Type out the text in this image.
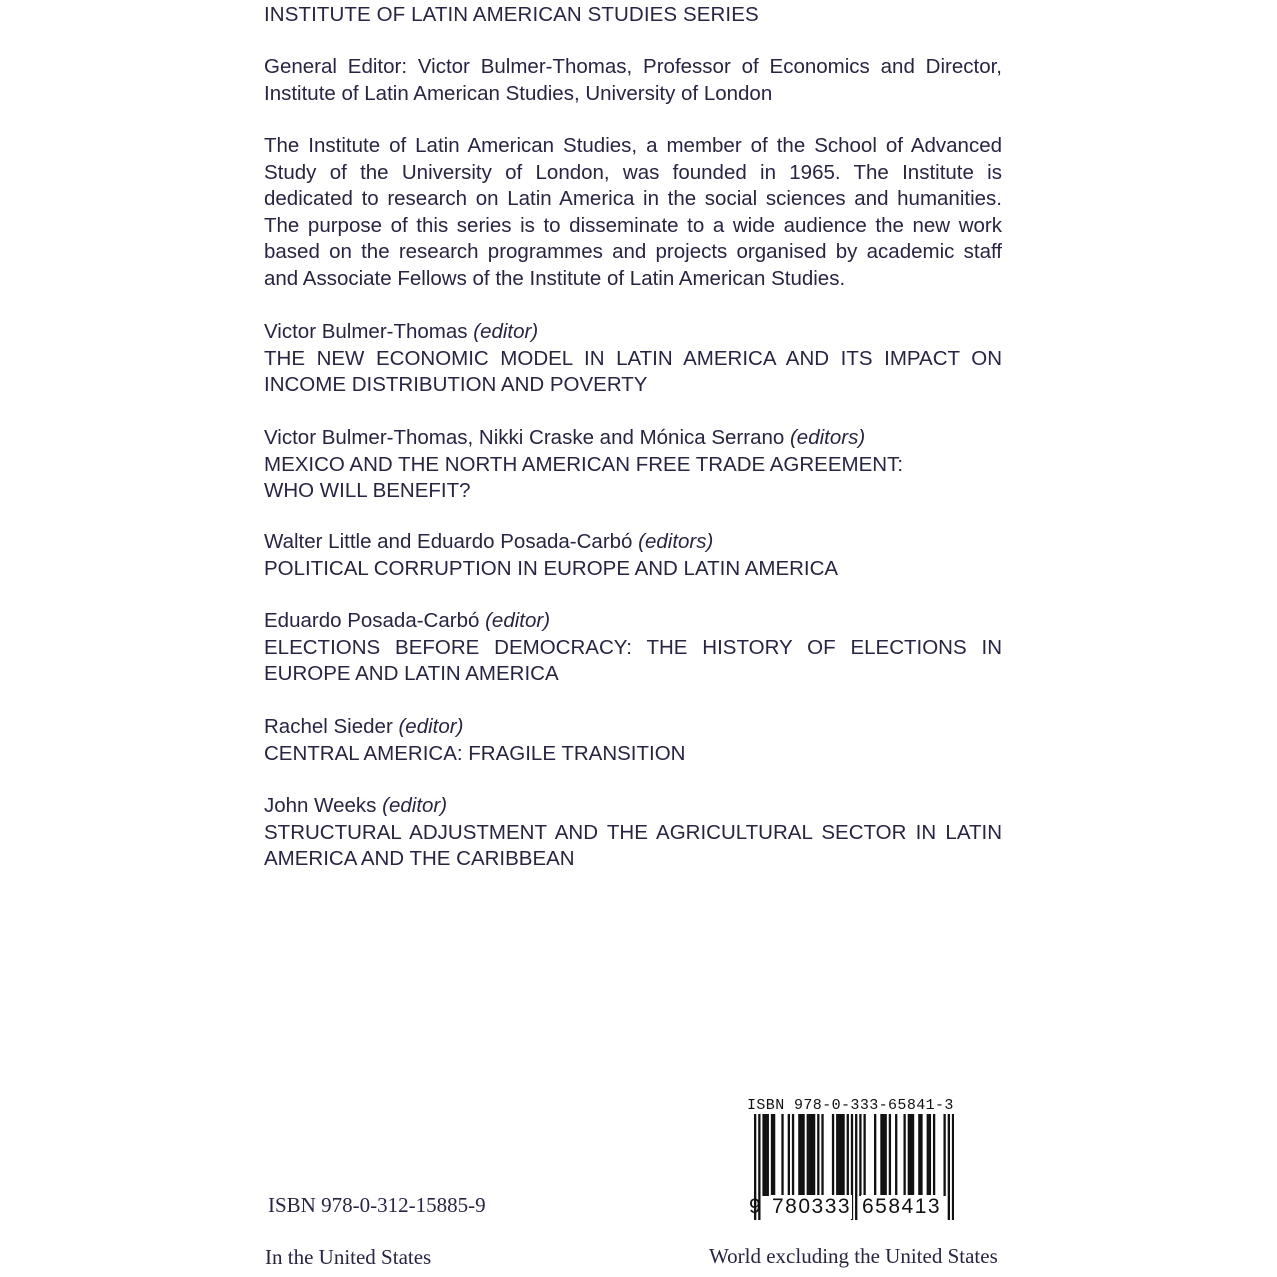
INSTITUTE OF LATIN AMERICAN STUDIES SERIES
General Editor: Victor Bulmer-Thomas, Professor of Economics and Director, Institute of Latin American Studies, University of London
The Institute of Latin American Studies, a member of the School of Advanced Study of the University of London, was founded in 1965. The Institute is dedicated to research on Latin America in the social sciences and humanities. The purpose of this series is to disseminate to a wide audience the new work based on the research programmes and projects organised by academic staff and Associate Fellows of the Institute of Latin American Studies.
Victor Bulmer-Thomas (editor)
THE NEW ECONOMIC MODEL IN LATIN AMERICA AND ITS IMPACT ON INCOME DISTRIBUTION AND POVERTY
Victor Bulmer-Thomas, Nikki Craske and Mónica Serrano (editors)
MEXICO AND THE NORTH AMERICAN FREE TRADE AGREEMENT: WHO WILL BENEFIT?
Walter Little and Eduardo Posada-Carbó (editors)
POLITICAL CORRUPTION IN EUROPE AND LATIN AMERICA
Eduardo Posada-Carbó (editor)
ELECTIONS BEFORE DEMOCRACY: THE HISTORY OF ELECTIONS IN EUROPE AND LATIN AMERICA
Rachel Sieder (editor)
CENTRAL AMERICA: FRAGILE TRANSITION
John Weeks (editor)
STRUCTURAL ADJUSTMENT AND THE AGRICULTURAL SECTOR IN LATIN AMERICA AND THE CARIBBEAN
ISBN 978-0-312-15885-9
In the United States
ISBN 978-0-333-65841-3
9 780333 658413
World excluding the United States
